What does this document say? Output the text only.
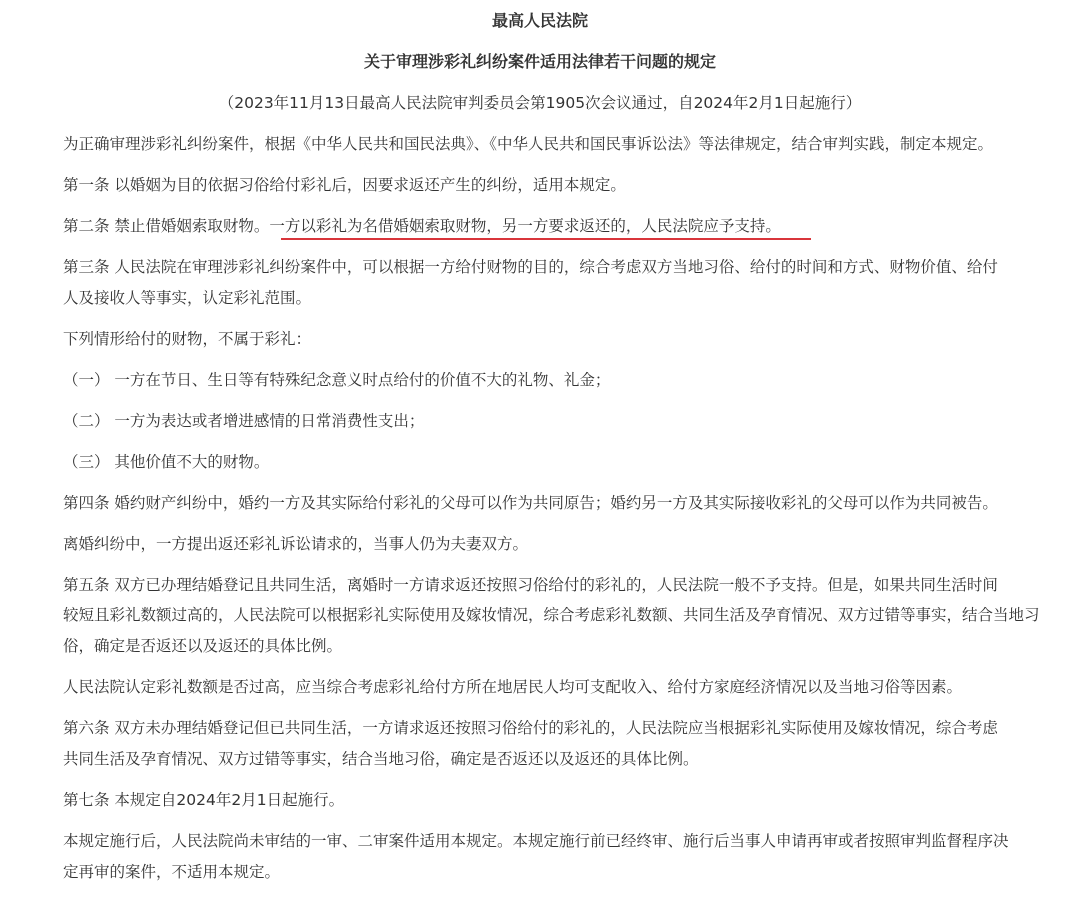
最高人民法院
关于审理涉彩礼纠纷案件适用法律若干问题的规定
（2023年11月13日最高人民法院审判委员会第1905次会议通过，自2024年2月1日起施行）
为正确审理涉彩礼纠纷案件，根据《中华人民共和国民法典》、《中华人民共和国民事诉讼法》等法律规定，结合审判实践，制定本规定。
第一条 以婚姻为目的依据习俗给付彩礼后，因要求返还产生的纠纷，适用本规定。
第二条 禁止借婚姻索取财物。一方以彩礼为名借婚姻索取财物，另一方要求返还的，人民法院应予支持。
第三条 人民法院在审理涉彩礼纠纷案件中，可以根据一方给付财物的目的，综合考虑双方当地习俗、给付的时间和方式、财物价值、给付
人及接收人等事实，认定彩礼范围。
下列情形给付的财物，不属于彩礼：
（一） 一方在节日、生日等有特殊纪念意义时点给付的价值不大的礼物、礼金；
（二） 一方为表达或者增进感情的日常消费性支出；
（三） 其他价值不大的财物。
第四条 婚约财产纠纷中，婚约一方及其实际给付彩礼的父母可以作为共同原告；婚约另一方及其实际接收彩礼的父母可以作为共同被告。
离婚纠纷中，一方提出返还彩礼诉讼请求的，当事人仍为夫妻双方。
第五条 双方已办理结婚登记且共同生活，离婚时一方请求返还按照习俗给付的彩礼的，人民法院一般不予支持。但是，如果共同生活时间
较短且彩礼数额过高的，人民法院可以根据彩礼实际使用及嫁妆情况，综合考虑彩礼数额、共同生活及孕育情况、双方过错等事实，结合当地习
俗，确定是否返还以及返还的具体比例。
人民法院认定彩礼数额是否过高，应当综合考虑彩礼给付方所在地居民人均可支配收入、给付方家庭经济情况以及当地习俗等因素。
第六条 双方未办理结婚登记但已共同生活，一方请求返还按照习俗给付的彩礼的，人民法院应当根据彩礼实际使用及嫁妆情况，综合考虑
共同生活及孕育情况、双方过错等事实，结合当地习俗，确定是否返还以及返还的具体比例。
第七条 本规定自2024年2月1日起施行。
本规定施行后，人民法院尚未审结的一审、二审案件适用本规定。本规定施行前已经终审、施行后当事人申请再审或者按照审判监督程序决
定再审的案件，不适用本规定。
